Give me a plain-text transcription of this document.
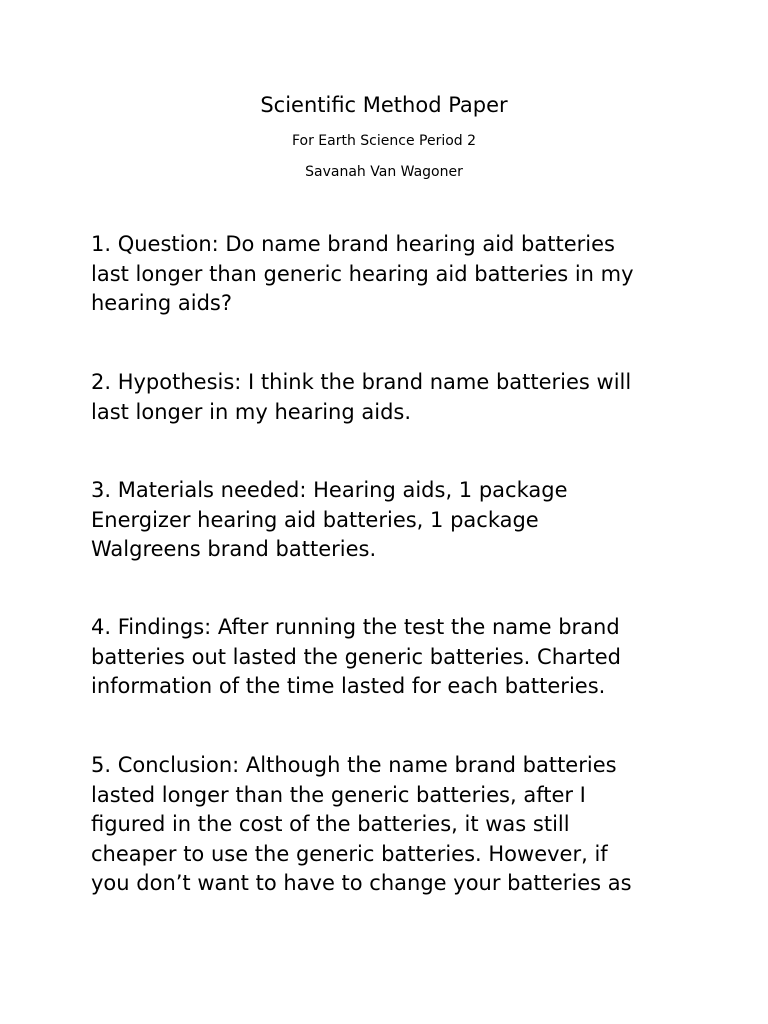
Scientific Method Paper
For Earth Science Period 2
Savanah Van Wagoner

1. Question: Do name brand hearing aid batteries
last longer than generic hearing aid batteries in my
hearing aids?

2. Hypothesis: I think the brand name batteries will
last longer in my hearing aids.

3. Materials needed: Hearing aids, 1 package
Energizer hearing aid batteries, 1 package
Walgreens brand batteries.

4. Findings: After running the test the name brand
batteries out lasted the generic batteries. Charted
information of the time lasted for each batteries.

5. Conclusion: Although the name brand batteries
lasted longer than the generic batteries, after I
figured in the cost of the batteries, it was still
cheaper to use the generic batteries. However, if
you don’t want to have to change your batteries as
